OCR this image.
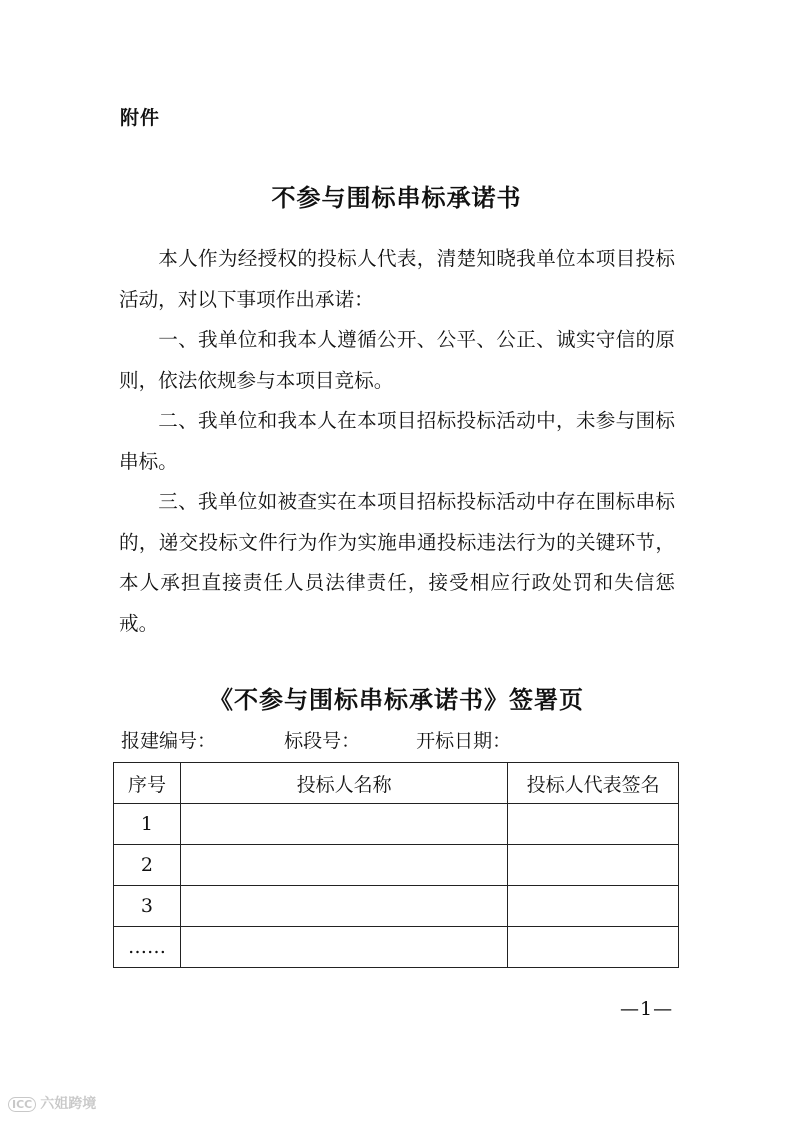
附件
不参与围标串标承诺书

本人作为经授权的投标人代表，清楚知晓我单位本项目投标活动，对以下事项作出承诺：

一、我单位和我本人遵循公开、公平、公正、诚实守信的原则，依法依规参与本项目竞标。

二、我单位和我本人在本项目招标投标活动中，未参与围标串标。

三、我单位如被查实在本项目招标投标活动中存在围标串标的，递交投标文件行为作为实施串通投标违法行为的关键环节，本人承担直接责任人员法律责任，接受相应行政处罚和失信惩戒。

《不参与围标串标承诺书》签署页
报建编号：	标段号：	开标日期：
序号	投标人名称	投标人代表签名
1		
2		
3		
……		
—1—
ICC 六姐跨境
